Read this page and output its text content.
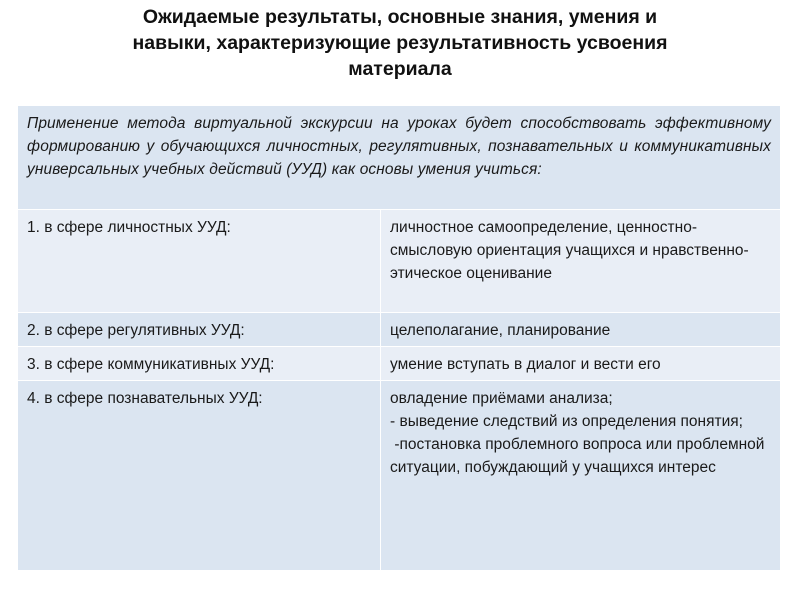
Ожидаемые результаты, основные знания, умения и
навыки, характеризующие результативность усвоения
материала
Применение метода виртуальной экскурсии на уроках будет способствовать эффективному формированию у обучающихся личностных, регулятивных, познавательных и коммуникативных универсальных учебных действий (УУД) как основы умения учиться:	
1. в сфере личностных УУД:	личностное самоопределение, ценностно-смысловую ориентация учащихся и нравственно-этическое оценивание
2. в сфере регулятивных УУД:	целеполагание, планирование
3. в сфере коммуникативных УУД:	умение вступать в диалог и вести его
4. в сфере познавательных УУД:	овладение приёмами анализа;
- выведение следствий из определения понятия;
-постановка проблемного вопроса или проблемной ситуации, побуждающий у учащихся интерес
